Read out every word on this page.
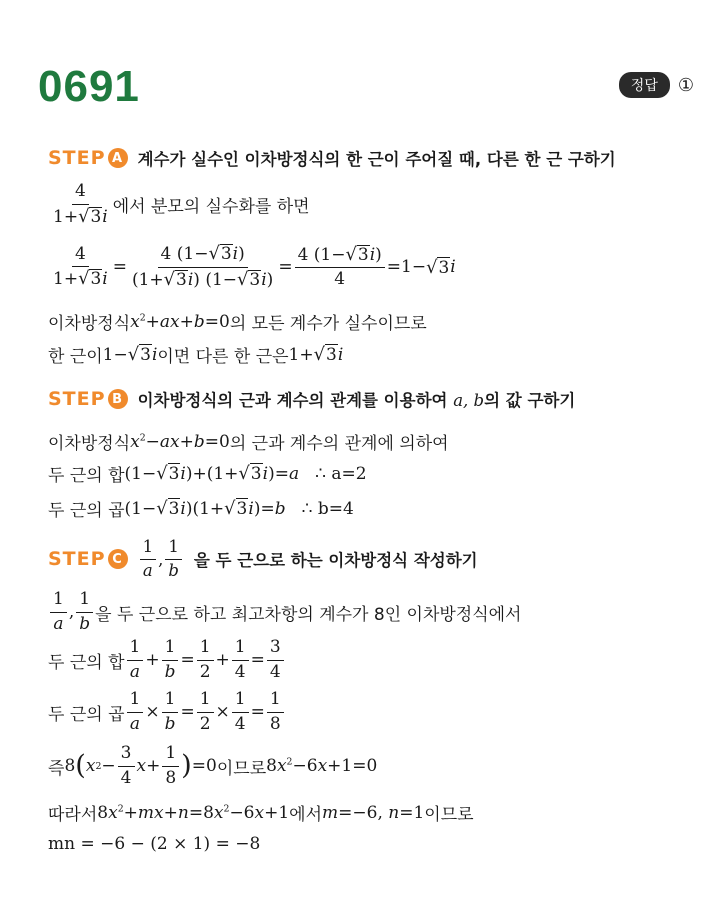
0691	정답	①
STEP A 계수가 실수인 이차방정식의 한 근이 주어질 때, 다른 한 근 구하기
$\frac{4}{1+ √ 3 i}$ 에서 분모의 실수화를 하면
$\frac{4}{1+ √ 3 i} = \frac{4 (1- √ 3 i)}{(1+ √ 3 i) (1- √ 3 i)} = \frac{4 (1- √ 3 i)}{4} =1-$ √ 3 i
이차방정식 $x^2+ax+b=0$ 의 모든 계수가 실수이므로
한 근이 1− √ 3 i 이면 다른 한 근은 1+ √ 3 i
STEP B 이차방정식의 근과 계수의 관계를 이용하여 a, b의 값 구하기
이차방정식 $x^2-ax+b=0$ 의 근과 계수의 관계에 의하여
두 근의 합 (1− √ 3 i)+(1+ √ 3 i)=a ∴ a=2
두 근의 곱 (1− √ 3 i)(1+ √ 3 i)=b ∴ b=4
STEP C $\frac{1}{a}$ , $\frac{1}{b}$ 을 두 근으로 하는 이차방정식 작성하기
$\frac{1}{a}$ , $\frac{1}{b}$ 을 두 근으로 하고 최고차항의 계수가 8인 이차방정식에서
두 근의 합 $\frac{1}{a} + \frac{1}{b} = \frac{1}{2} + \frac{1}{4} = \frac{3}{4}$
두 근의 곱 $\frac{1}{a} \times \frac{1}{b} = \frac{1}{2} \times \frac{1}{4} = \frac{1}{8}$
즉 8 ( x $2 - \frac{3}{4}$ $x + \frac{1}{8}$ ) =0 이므로 $8x^2-6x+1=0$
따라서 $8x^2+mx+n=8x^2-6x+1$ 에서 m=−6, n=1 이므로
mn = −6 − (2 × 1) = −8
